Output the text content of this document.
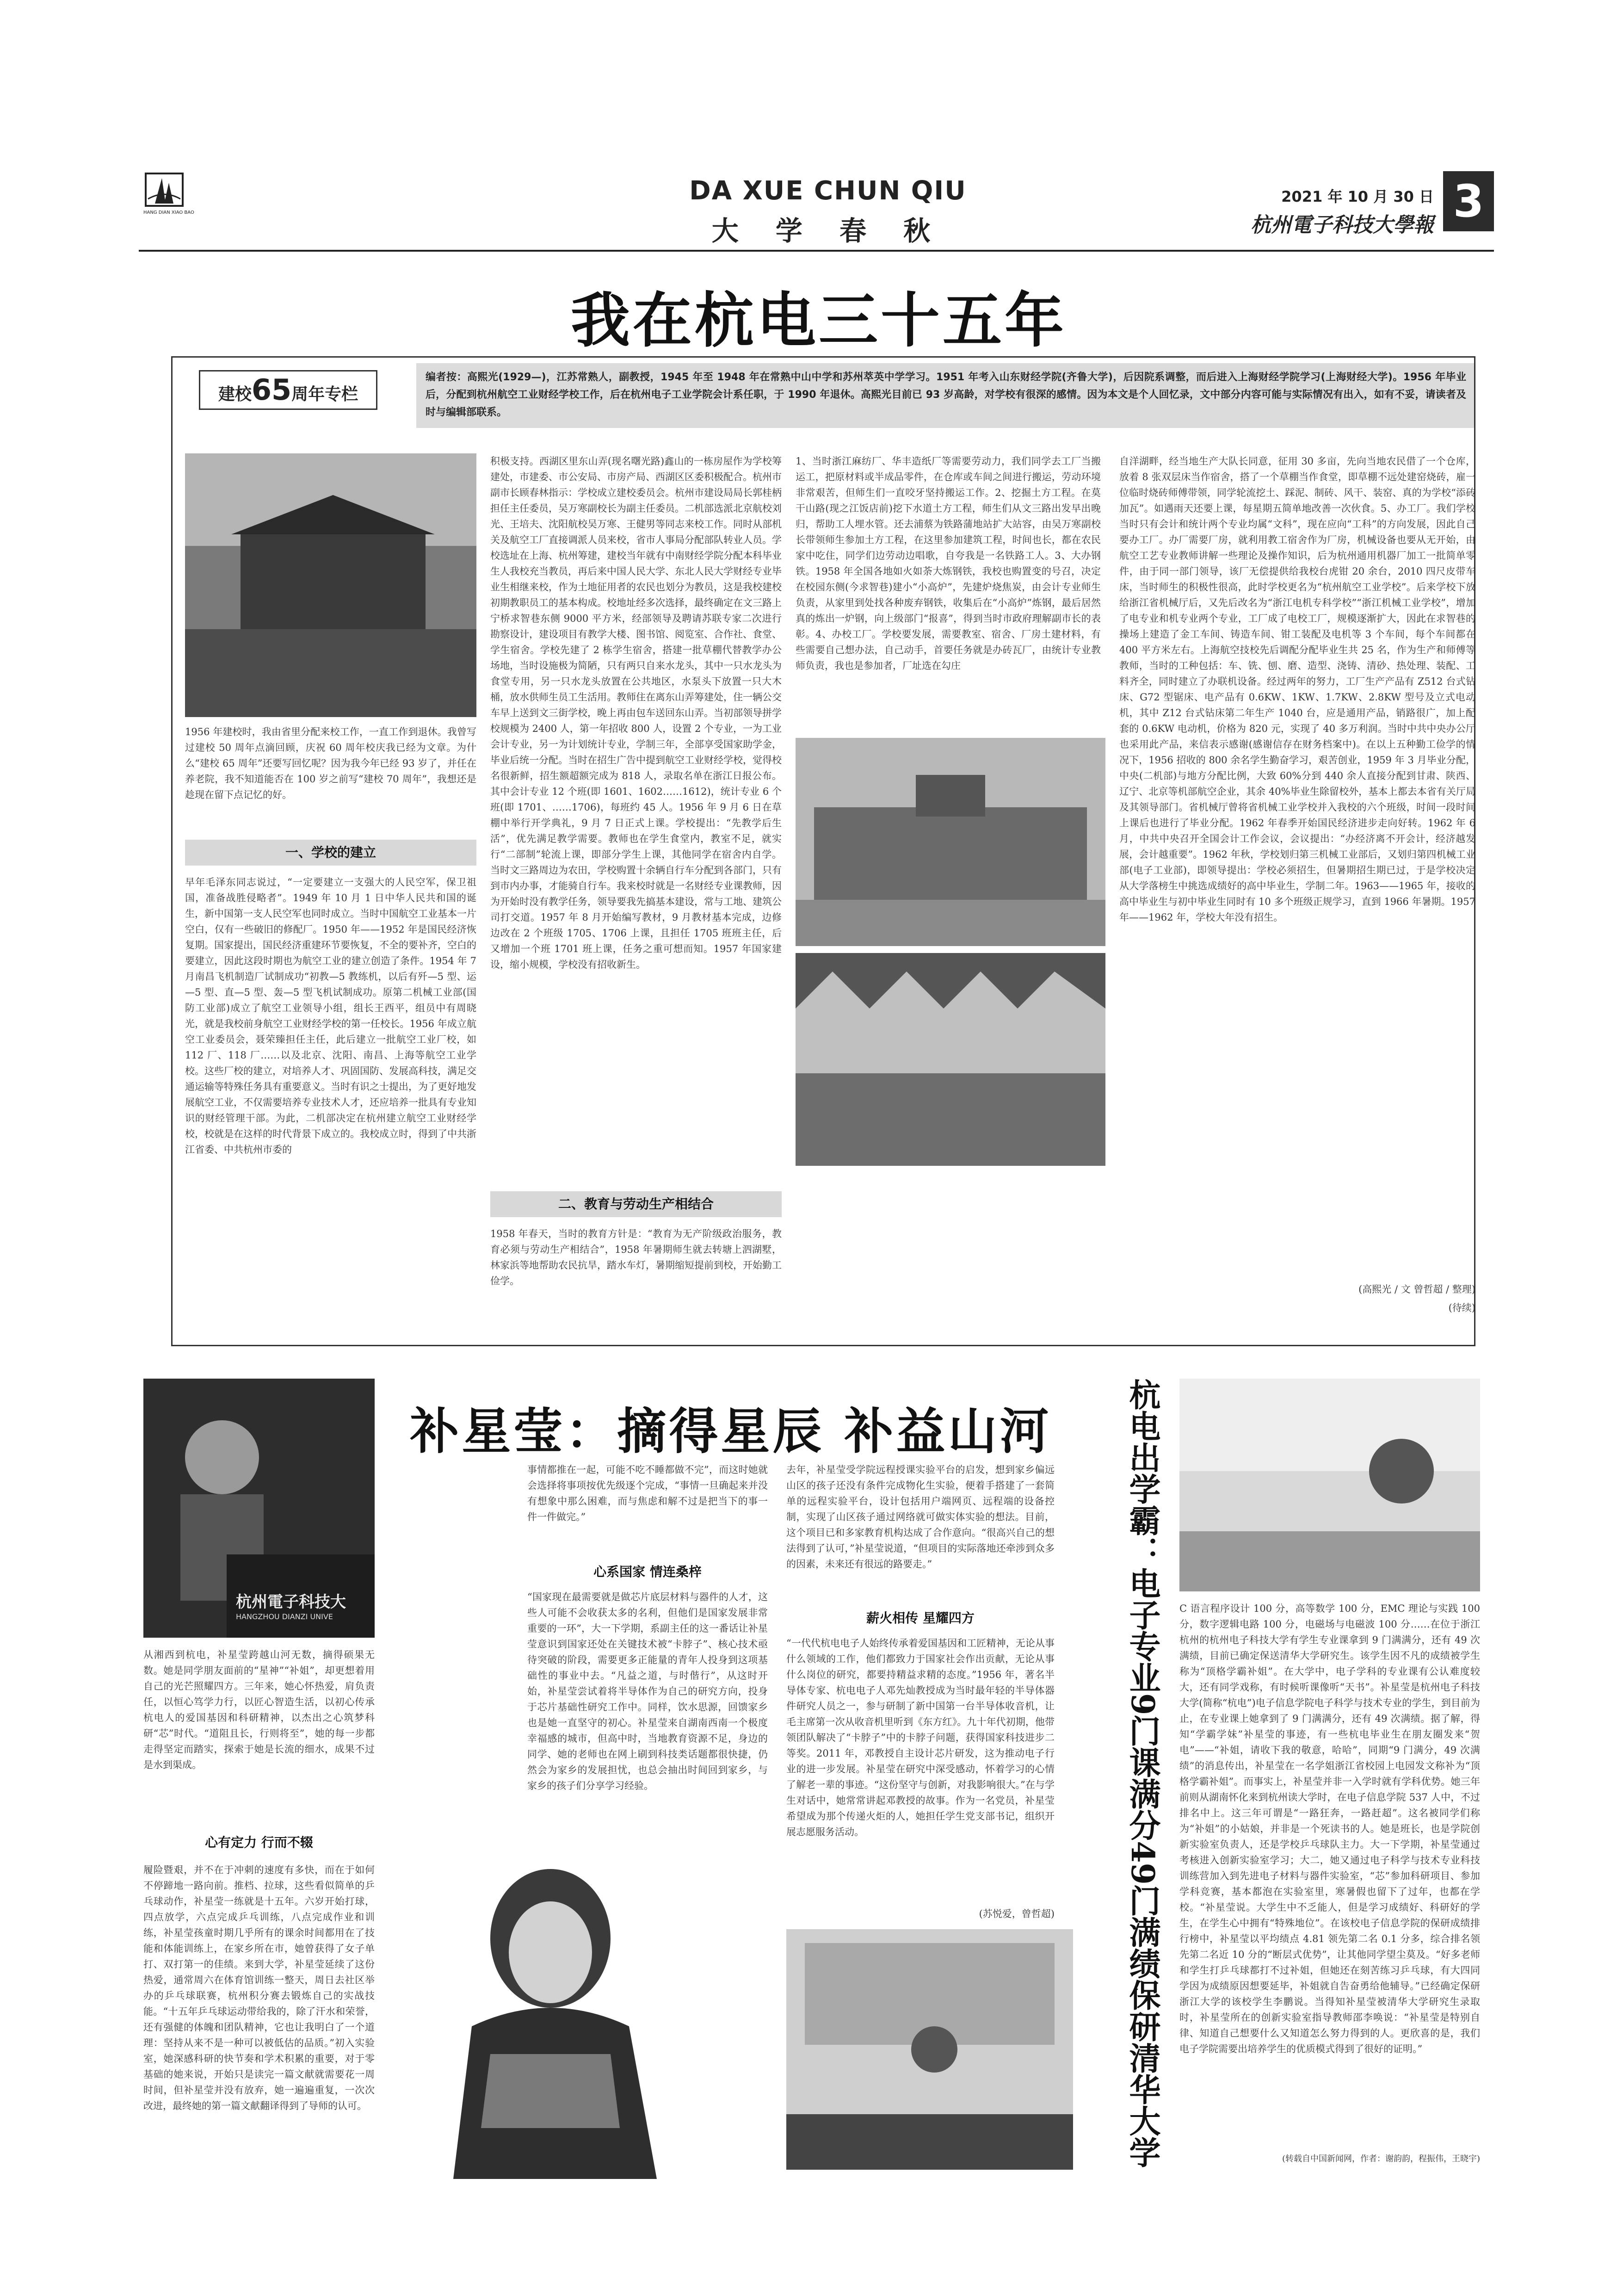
HANG DIAN XIAO BAO
DA XUE CHUN QIU
大 学 春 秋
2021 年 10 月 30 日
杭州電子科技大學報 3
我在杭电三十五年
建校65周年专栏
编者按：高熙光(1929—)，江苏常熟人，副教授，1945 年至 1948 年在常熟中山中学和苏州萃英中学学习。1951 年考入山东财经学院(齐鲁大学)，后因院系调整，而后进入上海财经学院学习(上海财经大学)。1956 年毕业后，分配到杭州航空工业财经学校工作，后在杭州电子工业学院会计系任职，于 1990 年退休。高熙光目前已 93 岁高龄，对学校有很深的感情。因为本文是个人回忆录，文中部分内容可能与实际情况有出入，如有不妥，请读者及时与编辑部联系。
1956 年建校时，我由省里分配来校工作，一直工作到退休。我曾写过建校 50 周年点滴回顾，庆祝 60 周年校庆我已经为文章。为什么“建校 65 周年”还要写回忆呢？因为我今年已经 93 岁了，并任在养老院，我不知道能否在 100 岁之前写“建校 70 周年”，我想还是趁现在留下点记忆的好。
一、学校的建立
早年毛泽东同志说过，“一定要建立一支强大的人民空军，保卫祖国，准备战胜侵略者”。1949 年 10 月 1 日中华人民共和国的诞生，新中国第一支人民空军也同时成立。当时中国航空工业基本一片空白，仅有一些破旧的修配厂。1950 年——1952 年是国民经济恢复期。国家提出，国民经济重建环节要恢复，不全的要补齐，空白的要建立，因此这段时期也为航空工业的建立创造了条件。1954 年 7 月南昌飞机制造厂试制成功“初教—5 教练机，以后有歼—5 型、运—5 型、直—5 型、轰—5 型飞机试制成功。原第二机械工业部(国防工业部)成立了航空工业领导小组，组长王西平，组员中有周晓光，就是我校前身航空工业财经学校的第一任校长。1956 年成立航空工业委员会，聂荣臻担任主任，此后建立一批航空工业厂校，如 112 厂、118 厂……以及北京、沈阳、南昌、上海等航空工业学校。这些厂校的建立，对培养人才、巩固国防、发展高科技，满足交通运输等特殊任务具有重要意义。当时有识之士提出，为了更好地发展航空工业，不仅需要培养专业技术人才，还应培养一批具有专业知识的财经管理干部。为此，二机部决定在杭州建立航空工业财经学校，校就是在这样的时代背景下成立的。我校成立时，得到了中共浙江省委、中共杭州市委的
积极支持。西湖区里东山弄(现名曙光路)鑫山的一栋房屋作为学校筹建处，市建委、市公安局、市房产局、西湖区区委积极配合。杭州市副市长顾春林指示：学校成立建校委员会。杭州市建设局局长郭桂柄担任主任委员，吴万寒副校长为副主任委员。二机部选派北京航校刘光、王培夫、沈阳航校吴万寒、王健男等同志来校工作。同时从部机关及航空工厂直接调派人员来校，省市人事局分配部队转业人员。学校选址在上海、杭州筹建，建校当年就有中南财经学院分配本科毕业生人我校充当教员，再后来中国人民大学、东北人民大学财经专业毕业生相继来校，作为土地征用者的农民也划分为教员，这是我校建校初期教职员工的基本构成。校地址经多次选择，最终确定在文三路上宁桥求智巷东侧 9000 平方米，经部领导及聘请苏联专家二次进行勘察设计，建设项目有教学大楼、图书馆、阅览室、合作社、食堂、学生宿舍。学校先建了 2 栋学生宿舍，搭建一批草棚代替教学办公场地，当时设施极为简陋，只有两只自来水龙头，其中一只水龙头为食堂专用，另一只水龙头放置在公共地区，水泵头下放置一只大木桶，放水供师生员工生活用。教师住在离东山弄筹建处，住一辆公交车早上送到文三街学校，晚上再由包车送回东山弄。当初部领导拼学校规模为 2400 人，第一年招收 800 人，设置 2 个专业，一为工业会计专业，另一为计划统计专业，学制三年，全部享受国家助学金，毕业后统一分配。当时在招生广告中提到航空工业财经学校，觉得校名很新鲜，招生额超额完成为 818 人，录取名单在浙江日报公布。其中会计专业 12 个班(即 1601、1602……1612)，统计专业 6 个班(即 1701、……1706)，每班约 45 人。1956 年 9 月 6 日在草棚中举行开学典礼，9 月 7 日正式上课。学校提出：“先教学后生活”，优先满足教学需要。教师也在学生食堂内，教室不足，就实行“二部制”轮流上课，即部分学生上课，其他同学在宿舍内自学。当时文三路周边为农田，学校购置十余辆自行车分配到各部门，只有到市内办事，才能骑自行车。我来校时就是一名财经专业课教师，因为开始时没有教学任务，领导要我先搞基本建设，常与工地、建筑公司打交道。1957 年 8 月开始编写教材，9 月教材基本完成，边修边改在 2 个班级 1705、1706 上课，且担任 1705 班班主任，后又增加一个班 1701 班上课，任务之重可想而知。1957 年国家建设，缩小规模，学校没有招收新生。
二、教育与劳动生产相结合
1958 年春天，当时的教育方针是：“教育为无产阶级政治服务，教育必须与劳动生产相结合”，1958 年暑期师生就去转塘上泗湖墅，林家浜等地帮助农民抗旱，踏水车灯，暑期缩短提前到校，开始勤工俭学。
1、当时浙江麻纺厂、华丰造纸厂等需要劳动力，我们同学去工厂当搬运工，把原材料或半成品零件，在仓库或车间之间进行搬运，劳动环境非常艰苦，但师生们一直咬牙坚持搬运工作。2、挖掘土方工程。在莫干山路(现之江饭店前)挖下水道土方工程，师生们从文三路出发早出晚归，帮助工人埋水管。还去浦蔡为铁路蒲地站扩大站容，由吴万寒副校长带领师生参加土方工程，在这里参加建筑工程，时间也长，都在农民家中吃住，同学们边劳动边唱歌，自夸我是一名铁路工人。3、大办钢铁。1958 年全国各地如火如荼大炼钢铁，我校也购置变的号召，决定在校园东侧(今求智巷)建小“小高炉”，先建炉烧焦炭，由会计专业师生负责，从家里到处找各种废弃钢铁，收集后在“小高炉”炼钢，最后居然真的炼出一炉钢，向上级部门“报喜”，得到当时市政府理解副市长的表彰。4、办校工厂。学校要发展，需要教室、宿舍、厂房土建材料，有些需要自己想办法，自己动手，首要任务就是办砖瓦厂，由统计专业教师负责，我也是参加者，厂址选在勾庄
自洋湖畔，经当地生产大队长同意，征用 30 多亩，先向当地农民借了一个仓库，放着 8 张双层床当作宿舍，搭了一个草棚当作食堂，即草棚不远处建窑烧砖，雇一位临时烧砖师傅带领，同学轮流挖土、踩泥、制砖、风干、装窑、真的为学校“添砖加瓦”。如遇雨天还要上课，每星期五简单地改善一次伙食。5、办工厂。我们学校当时只有会计和统计两个专业均属“文科”，现在应向“工科”的方向发展，因此自己要办工厂。办厂需要厂房，就利用教工宿舍作为厂房，机械设备也要从无开始，由航空工艺专业教师讲解一些理论及操作知识，后为杭州通用机器厂加工一批简单零件，由于同一部门领导，该厂无偿提供给我校台虎钳 20 余台，2010 四尺皮带车床，当时师生的积极性很高，此时学校更名为“杭州航空工业学校”。后来学校下放给浙江省机械厅后，又先后改名为“浙江电机专科学校”“浙江机械工业学校”，增加了电专业和机专业两个专业，工厂成了电校工厂，规模逐渐扩大，因此在求智巷的操场上建造了金工车间、铸造车间、钳工装配及电机等 3 个车间，每个车间都在 400 平方米左右。上海航空技校先后调配分配毕业生共 25 名，作为生产和师傅等教师，当时的工种包括：车、铣、刨、磨、造型、浇铸、清砂、热处理、装配、工料齐全，同时建立了办联机设备。经过两年的努力，工厂生产产品有 Z512 台式钻床、G72 型锯床、电产品有 0.6KW、1KW、1.7KW、2.8KW 型号及立式电动机，其中 Z12 台式钻床第二年生产 1040 台，应是通用产品，销路很广，加上配套的 0.6KW 电动机，价格为 820 元，实现了 40 多万利润。当时中共中央办公厅也采用此产品，来信表示感谢(感谢信存在财务档案中)。在以上五种勤工俭学的情况下，1956 招收的 800 余名学生勤奋学习，艰苦创业，1959 年 3 月毕业分配，中央(二机部)与地方分配比例，大致 60%分到 440 余人直接分配到甘肃、陕西、辽宁、北京等机部航空企业，其余 40%毕业生除留校外，基本上都去本省有关厅局及其领导部门。省机械厅曾将省机械工业学校并入我校的六个班级，时间一段时间上课后也进行了毕业分配。1962 年春季开始国民经济进步走向好转。1962 年 6 月，中共中央召开全国会计工作会议，会议提出：“办经济离不开会计，经济越发展，会计越重要”。1962 年秋，学校划归第三机械工业部后，又划归第四机械工业部(电子工业部)，即领导提出：学校必须招生，但暑期招生期已过，于是学校决定从大学落榜生中挑选成绩好的高中毕业生，学制二年。1963——1965 年，接收的高中毕业生与初中毕业生同时有 10 多个班级正规学习，直到 1966 年暑期。1957 年——1962 年，学校大年没有招生。
(高熙光 / 文 曾哲超 / 整理)
(待续)
杭州電子科技大
HANGZHOU DIANZI UNIVE
补星莹：摘得星辰 补益山河
从湘西到杭电，补星莹跨越山河无数，摘得硕果无数。她是同学朋友面前的“星神”“补姐”，却更想着用自己的光芒照耀四方。三年来，她心怀热爱，肩负责任，以恒心笃学力行，以匠心智造生活，以初心传承杭电人的爱国基因和科研精神，以杰出之心筑梦科研“芯”时代。“道阻且长，行则将至”，她的每一步都走得坚定而踏实，探索于她是长流的细水，成果不过是水到渠成。
心有定力 行而不辍
履险暨艰，并不在于冲刺的速度有多快，而在于如何不停蹄地一路向前。推档、拉球，这些看似简单的乒乓球动作，补星莹一练就是十五年。六岁开始打球，四点放学，六点完成乒乓训练，八点完成作业和训练，补星莹孩童时期几乎所有的课余时间都用在了技能和体能训练上，在家乡所在市，她曾获得了女子单打、双打第一的佳绩。来到大学，补星莹延续了这份热爱，通常周六在体育馆训练一整天，周日去社区举办的乒乓球联赛，杭州积分赛去锻炼自己的实战技能。“十五年乒乓球运动带给我的，除了汗水和荣誉，还有强健的体魄和团队精神，它也让我明白了一个道理：坚持从来不是一种可以被低估的品质。”初入实验室，她深感科研的快节奏和学术积累的重要，对于零基础的她来说，开始只是读完一篇文献就需要花一周时间，但补星莹并没有放弃，她一遍遍重复，一次次改进，最终她的第一篇文献翻译得到了导师的认可。
事情都推在一起，可能不吃不睡都做不完”，而这时她就会选择将事项按优先级逐个完成，“事情一旦确起来并没有想象中那么困难，而与焦虑和解不过是把当下的事一件一件做完。”
心系国家 情连桑梓
“国家现在最需要就是做芯片底层材料与器件的人才，这些人可能不会收获太多的名利，但他们是国家发展非常重要的一环”，大一下学期，系副主任的这一番话让补星莹意识到国家还处在关键技术被“卡脖子”、核心技术亟待突破的阶段，需要更多正能量的青年人投身到这项基础性的事业中去。“凡益之道，与时偕行”，从这时开始，补星莹尝试着将半导体作为自己的研究方向，投身于芯片基础性研究工作中。同样，饮水思源，回馈家乡也是她一直坚守的初心。补星莹来自湖南西南一个极度幸福感的城市，但高中时，当地教育资源不足，身边的同学、她的老师也在网上刷到科技类话题都很快捷，仍然会为家乡的发展担忧，也总会抽出时间回到家乡，与家乡的孩子们分享学习经验。
去年，补星莹受学院远程授课实验平台的启发，想到家乡偏远山区的孩子还没有条件完成物化生实验，便着手搭建了一套简单的远程实验平台，设计包括用户端网页、远程端的设备控制，实现了山区孩子通过网络就可做实体实验的想法。目前，这个项目已和多家教育机构达成了合作意向。“很高兴自己的想法得到了认可，”补星莹说道，“但项目的实际落地还牵涉到众多的因素，未来还有很远的路要走。”
薪火相传 星耀四方
“一代代杭电电子人始终传承着爱国基因和工匠精神，无论从事什么领域的工作，他们都致力于国家社会作出贡献，无论从事什么岗位的研究，都要持精益求精的态度。”1956 年，著名半导体专家、杭电电子人邓先灿教授成为当时最年轻的半导体器件研究人员之一，参与研制了新中国第一台半导体收音机，让毛主席第一次从收音机里听到《东方红》。九十年代初期，他带领团队解决了“卡脖子”中的卡脖子问题，获得国家科技进步二等奖。2011 年，邓教授自主设计芯片研发，这为推动电子行业的进一步发展。补星莹在研究中深受感动，怀着学习的心情了解老一辈的事迹。“这份坚守与创新，对我影响很大。”在与学生对话中，她常常讲起邓教授的故事。作为一名党员，补星莹希望成为那个传递火炬的人，她担任学生党支部书记，组织开展志愿服务活动。
(苏悦爱，曾哲超) 杭电出学霸：电子专业9门课满分49门满绩保研清华大学	C 语言程序设计 100 分，高等数学 100 分，EMC 理论与实践 100 分，数字逻辑电路 100 分，电磁场与电磁波 100 分……在位于浙江杭州的杭州电子科技大学有学生专业课拿到 9 门满满分，还有 49 次满绩，目前已确定保送清华大学研究生。该学生因不凡的成绩被学生称为“顶格学霸补姐”。在大学中，电子学科的专业课有公认难度较大，还有同学戏称，有时候听课像听“天书”。补星莹是杭州电子科技大学(简称“杭电”)电子信息学院电子科学与技术专业的学生，到目前为止，在专业课上她拿到了 9 门满满分，还有 49 次满绩。据了解，得知“学霸学妹”补星莹的事迹，有一些杭电毕业生在朋友圈发来“贺电”——“补姐，请收下我的敬意，哈哈”，同期“9 门满分，49 次满绩”的消息传出，补星莹在一名学姐浙江省校园上电园发文称补为“顶格学霸补姐”。而事实上，补星莹并非一入学时就有学科优势。她三年前则从湖南怀化来到杭州读大学时，在电子信息学院 537 人中，不过排名中上。这三年可谓是“一路狂奔，一路赶超”。这名被同学们称为“补姐”的小姑娘，并非是一个死读书的人。她是班长，也是学院创新实验室负责人，还是学校乒乓球队主力。大一下学期，补星莹通过考核进入创新实验室学习；大二，她又通过电子科学与技术专业科技训练营加入到先进电子材料与器件实验室，“芯”参加科研项目、参加学科竞赛，基本都泡在实验室里，寒暑假也留下了过年，也都在学校。“补星莹说。大学生中不乏能人，但是学习成绩好、科研好的学生，在学生心中拥有“特殊地位”。在该校电子信息学院的保研成绩排行榜中，补星莹以平均绩点 4.81 领先第二名 0.1 分多，综合排名领先第二名近 10 分的“断层式优势”，让其他同学望尘莫及。“好多老师和学生打乒乓球都打不过补姐，但她还在刻苦练习乒乓球，有大四同学因为成绩原因想要延毕，补姐就自告奋勇给他辅导。”已经确定保研浙江大学的该校学生李鹏说。当得知补星莹被清华大学研究生录取时，补星莹所在的创新实验室指导教师邵李唤说：“补星莹是特别自律、知道自己想要什么又知道怎么努力得到的人。更欣喜的是，我们电子学院需要出培养学生的优质模式得到了很好的证明。”
(转载自中国新闻网，作者：谢韵韵，程振伟，王晓宇)
